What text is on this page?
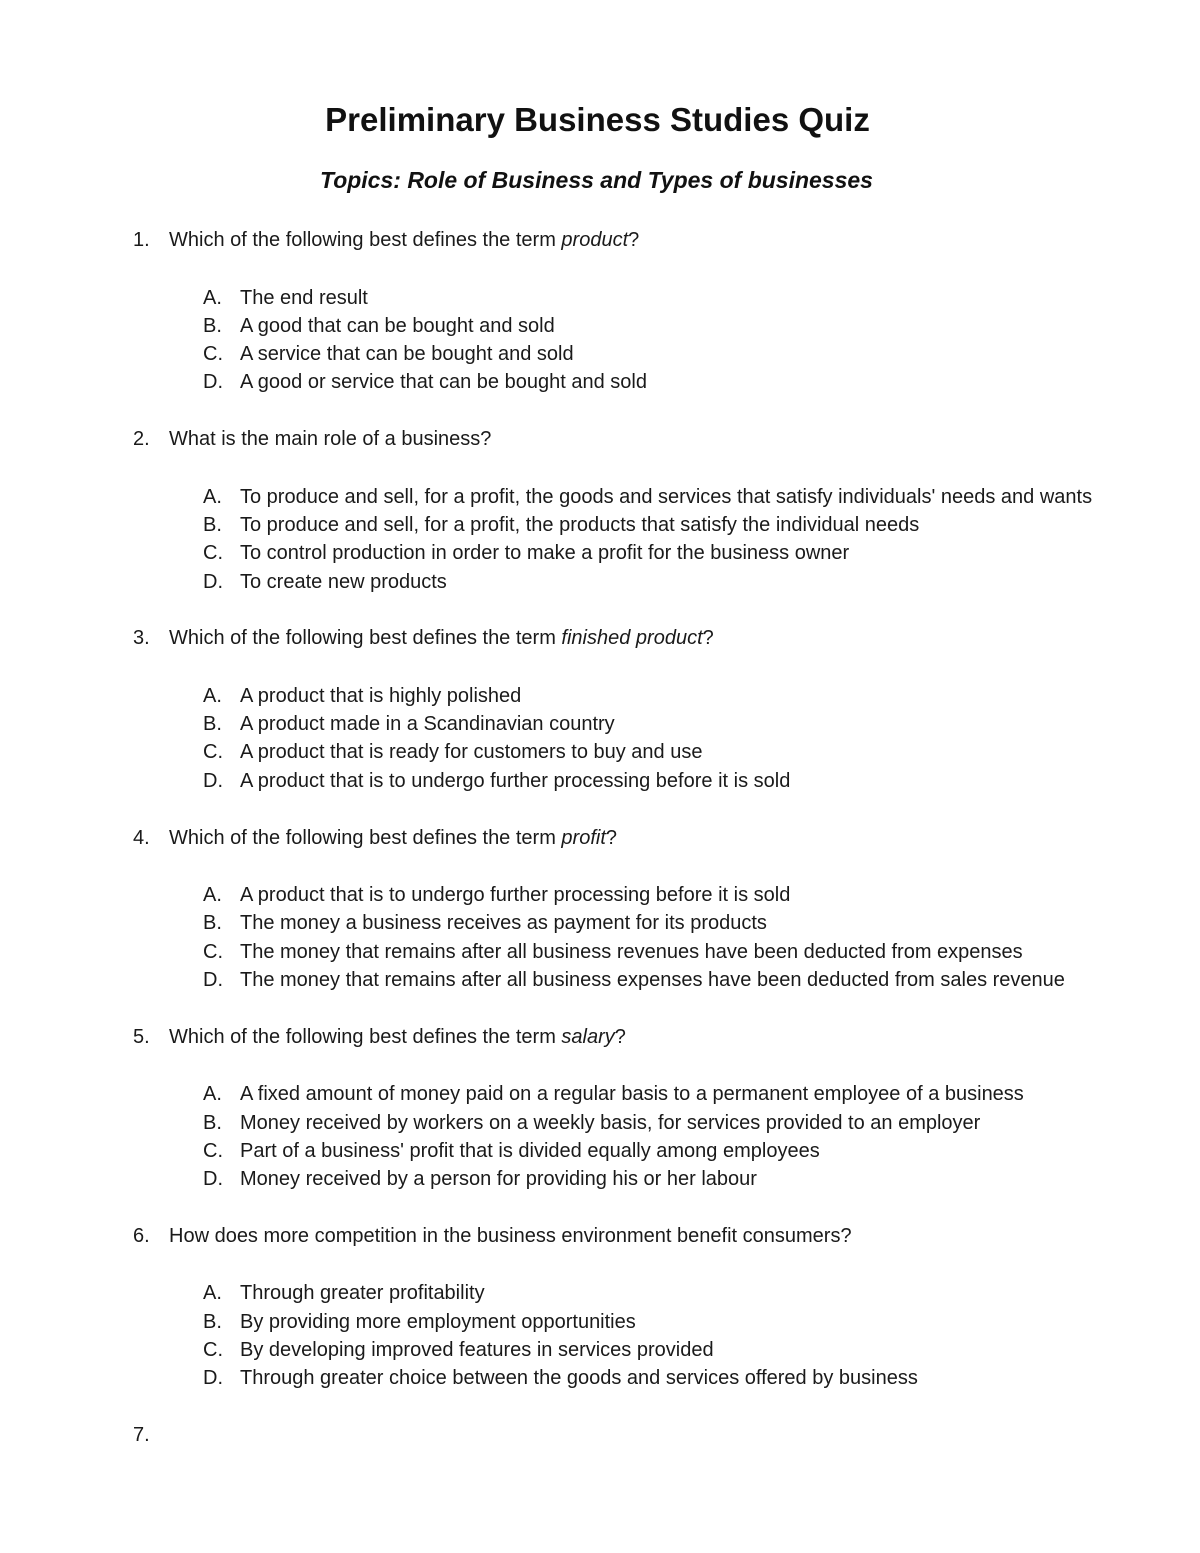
Preliminary Business Studies Quiz
Topics: Role of Business and Types of businesses
1. Which of the following best defines the term product?
A. The end result
B. A good that can be bought and sold
C. A service that can be bought and sold
D. A good or service that can be bought and sold
2. What is the main role of a business?
A. To produce and sell, for a profit, the goods and services that satisfy individuals' needs and wants
B. To produce and sell, for a profit, the products that satisfy the individual needs
C. To control production in order to make a profit for the business owner
D. To create new products
3. Which of the following best defines the term finished product?
A. A product that is highly polished
B. A product made in a Scandinavian country
C. A product that is ready for customers to buy and use
D. A product that is to undergo further processing before it is sold
4. Which of the following best defines the term profit?
A. A product that is to undergo further processing before it is sold
B. The money a business receives as payment for its products
C. The money that remains after all business revenues have been deducted from expenses
D. The money that remains after all business expenses have been deducted from sales revenue
5. Which of the following best defines the term salary?
A. A fixed amount of money paid on a regular basis to a permanent employee of a business
B. Money received by workers on a weekly basis, for services provided to an employer
C. Part of a business' profit that is divided equally among employees
D. Money received by a person for providing his or her labour
6. How does more competition in the business environment benefit consumers?
A. Through greater profitability
B. By providing more employment opportunities
C. By developing improved features in services provided
D. Through greater choice between the goods and services offered by business
7.
